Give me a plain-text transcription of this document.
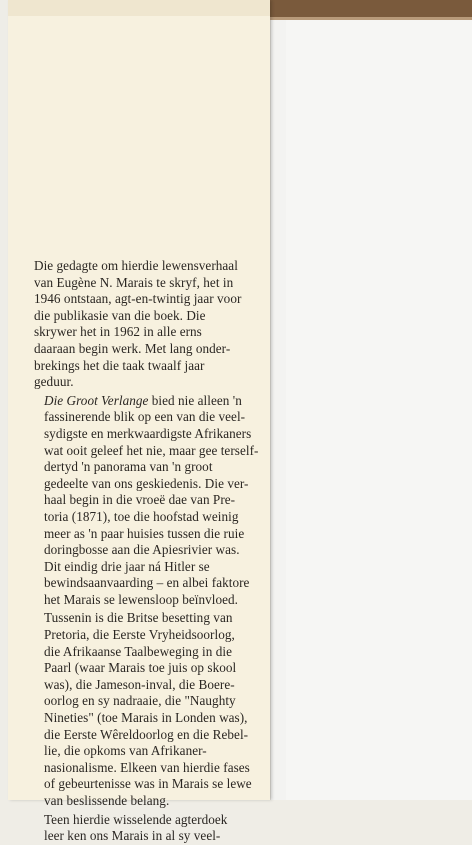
Die gedagte om hierdie lewensverhaal
van Eugène N. Marais te skryf, het in
1946 ontstaan, agt-en-twintig jaar voor
die publikasie van die boek. Die
skrywer het in 1962 in alle erns
daaraan begin werk. Met lang onder-
brekings het die taak twaalf jaar
geduur.

Die Groot Verlange bied nie alleen 'n
fassinerende blik op een van die veel-
sydigste en merkwaardigste Afrikaners
wat ooit geleef het nie, maar gee terself-
dertyd 'n panorama van 'n groot
gedeelte van ons geskiedenis. Die ver-
haal begin in die vroeë dae van Pre-
toria (1871), toe die hoofstad weinig
meer as 'n paar huisies tussen die ruie
doringbosse aan die Apiesrivier was.
Dit eindig drie jaar ná Hitler se
bewindsaanvaarding – en albei faktore
het Marais se lewensloop beïnvloed.

Tussenin is die Britse besetting van
Pretoria, die Eerste Vryheidsoorlog,
die Afrikaanse Taalbeweging in die
Paarl (waar Marais toe juis op skool
was), die Jameson-inval, die Boere-
oorlog en sy nadraaie, die "Naughty
Nineties" (toe Marais in Londen was),
die Eerste Wêreldoorlog en die Rebel-
lie, die opkoms van Afrikaner-
nasionalisme. Elkeen van hierdie fases
of gebeurtenisse was in Marais se lewe
van beslissende belang.

Teen hierdie wisselende agterdoek
leer ken ons Marais in al sy veel-
